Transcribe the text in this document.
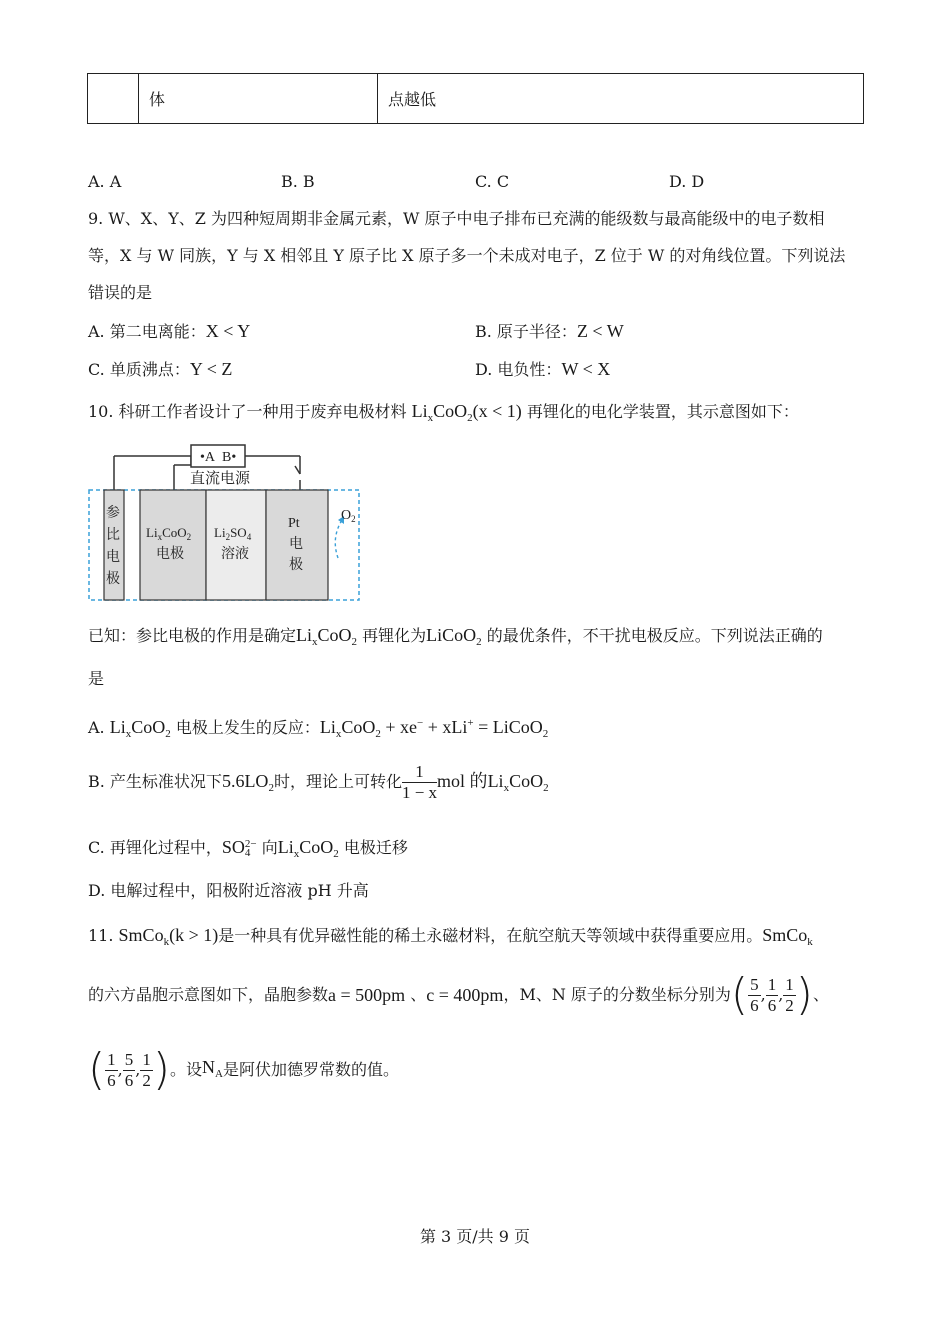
	体	点越低
A. A	B. B	C. C	D. D
9. W、X、Y、Z 为四种短周期非金属元素，W 原子中电子排布已充满的能级数与最高能级中的电子数相
等，X 与 W 同族，Y 与 X 相邻且 Y 原子比 X 原子多一个未成对电子，Z 位于 W 的对角线位置。下列说法
错误的是
A. 第二电离能：X < Y	B. 原子半径：Z < W
C. 单质沸点：Y < Z	D. 电负性：W < X
10. 科研工作者设计了一种用于废弃电极材料 $Li_xCoO_2(x < 1)$ 再锂化的电化学装置，其示意图如下：
•A B•
直流电源
参
比
电
极
$Li_xCoO_2$
电极
$Li_2SO_4$
溶液
Pt
电
极
$O_2$
已知：参比电极的作用是确定$Li_xCoO_2$ 再锂化为LiCoO$_2$ 的最优条件，不干扰电极反应。下列说法正确的
是
A. $Li_xCoO_2$ 电极上发生的反应：$Li_xCoO_2 + xe^- + xLi^+$ = LiCoO$_2$
B. 产生标准状况下$5.6LO_2$时，理论上可转化 $\frac{1}{1 - x}$ mol 的$Li_xCoO_2$
C. 再锂化过程中，SO 2−
4 向$Li_xCoO_2$ 电极迁移
D. 电解过程中，阳极附近溶液 pH 升高
11. SmCo$_k$(k > 1)是一种具有优异磁性能的稀土永磁材料，在航空航天等领域中获得重要应用。SmCo$_k$
的六方晶胞示意图如下，晶胞参数 a = 500pm
、 c = 400pm ，M、N 原子的分数坐标分别为 ( $\frac{5}{6}$ , $\frac{1}{6}$ , $\frac{1}{2}$ ) 、
( $\frac{1}{6}$ , $\frac{5}{6}$ , $\frac{1}{2}$ ) 。设 $N_A$ 是阿伏加德罗常数的值。
第 3 页/共 9 页
